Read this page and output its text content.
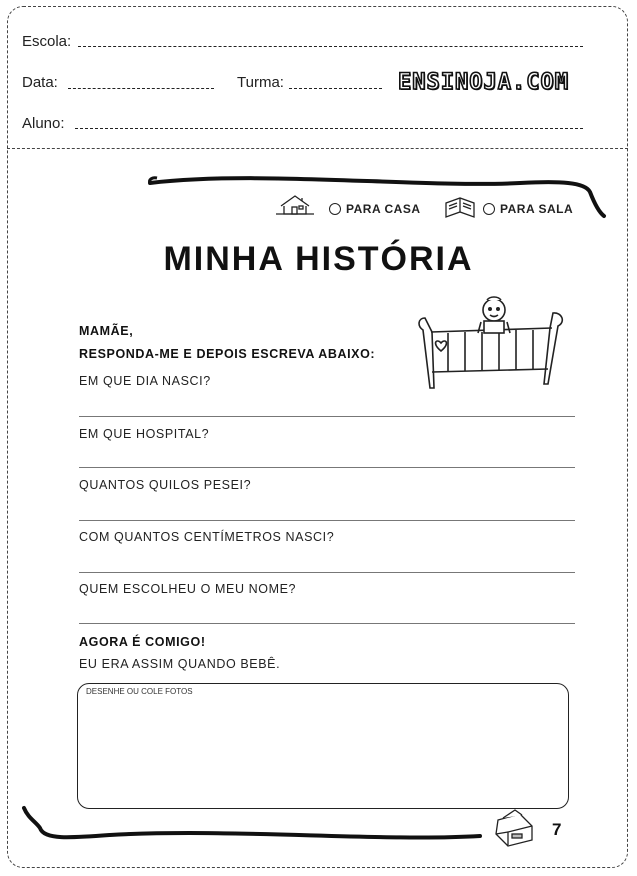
Escola:
Data:	Turma:	ENSINOJA.COM
Aluno:
PARA CASA	PARA SALA
MINHA HISTÓRIA
MAMÃE,
RESPONDA-ME E DEPOIS ESCREVA ABAIXO:
EM QUE DIA NASCI?
EM QUE HOSPITAL?
QUANTOS QUILOS PESEI?
COM QUANTOS CENTÍMETROS NASCI?
QUEM ESCOLHEU O MEU NOME?
AGORA É COMIGO!
EU ERA ASSIM QUANDO BEBÊ.
DESENHE OU COLE FOTOS
7
